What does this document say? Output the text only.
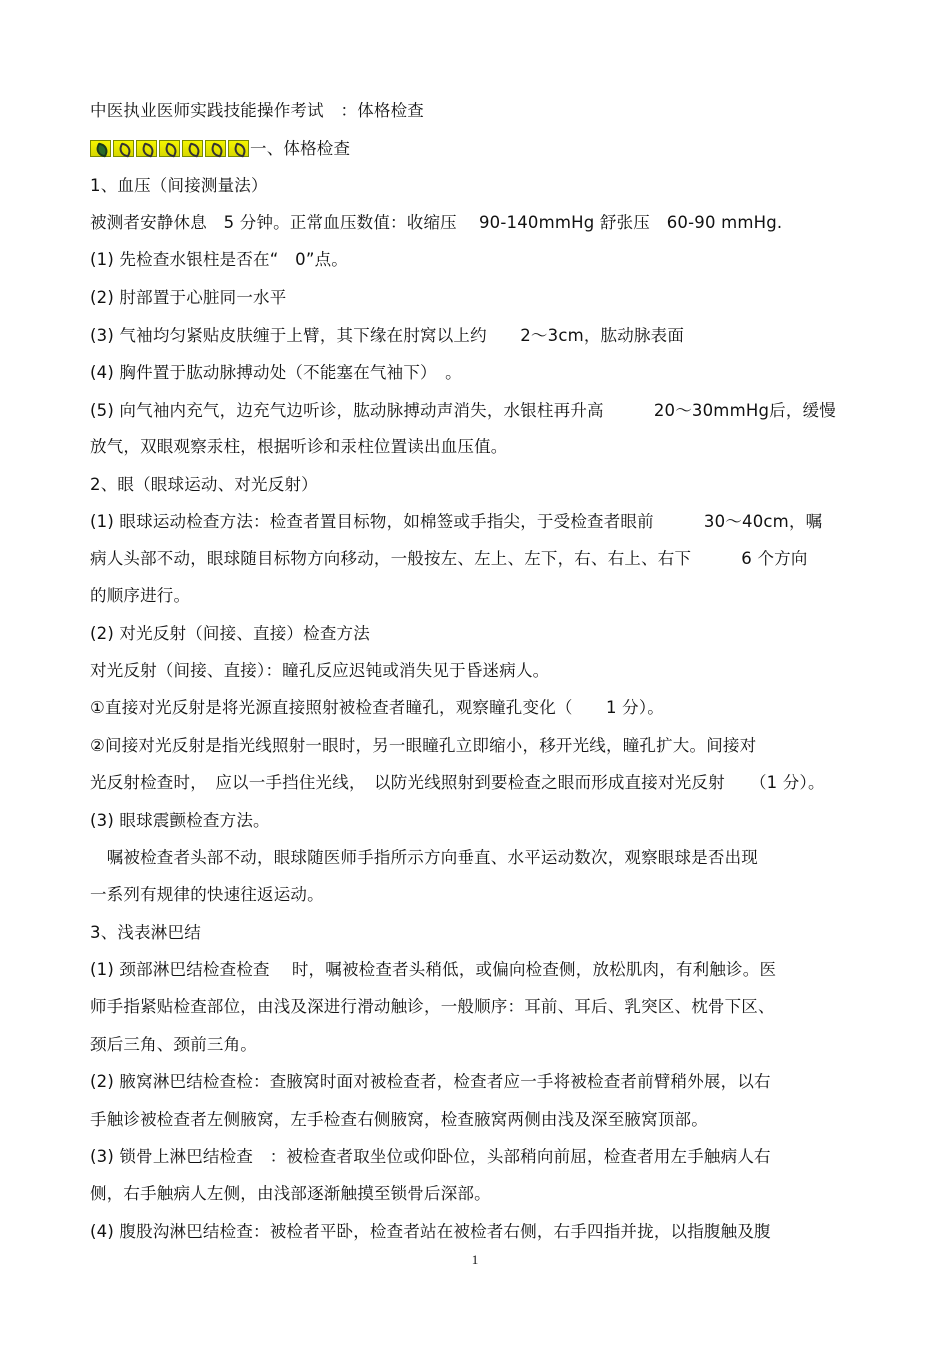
中医执业医师实践技能操作考试　：体格检查
一、体格检查
1、血压（间接测量法）
被测者安静休息　5 分钟。正常血压数值：收缩压　 90-140mmHg 舒张压　60-90 mmHg.
(1) 先检查水银柱是否在“　0”点。
(2) 肘部置于心脏同一水平
(3) 气袖均匀紧贴皮肤缠于上臂，其下缘在肘窝以上约　　2～3cm，肱动脉表面
(4) 胸件置于肱动脉搏动处（不能塞在气袖下）　。
(5) 向气袖内充气，边充气边听诊，肱动脉搏动声消失，水银柱再升高　　　20～30mmHg后，缓慢
放气，双眼观察汞柱，根据听诊和汞柱位置读出血压值。
2、眼（眼球运动、对光反射）
(1) 眼球运动检查方法：检查者置目标物，如棉签或手指尖，于受检查者眼前　　　30～40cm，嘱
病人头部不动，眼球随目标物方向移动，一般按左、左上、左下，右、右上、右下　　　6 个方向
的顺序进行。
(2) 对光反射（间接、直接）检查方法
对光反射（间接、直接）：瞳孔反应迟钝或消失见于昏迷病人。
①直接对光反射是将光源直接照射被检查者瞳孔，观察瞳孔变化（　　1 分）。
②间接对光反射是指光线照射一眼时，另一眼瞳孔立即缩小，移开光线，瞳孔扩大。间接对
光反射检查时，　应以一手挡住光线，　以防光线照射到要检查之眼而形成直接对光反射　　（1 分）。
(3) 眼球震颤检查方法。
　嘱被检查者头部不动，眼球随医师手指所示方向垂直、水平运动数次，观察眼球是否出现
一系列有规律的快速往返运动。
3、浅表淋巴结
(1) 颈部淋巴结检查检查　 时，嘱被检查者头稍低，或偏向检查侧，放松肌肉，有利触诊。医
师手指紧贴检查部位，由浅及深进行滑动触诊，一般顺序：耳前、耳后、乳突区、枕骨下区、
颈后三角、颈前三角。
(2) 腋窝淋巴结检查检：查腋窝时面对被检查者，检查者应一手将被检查者前臂稍外展，以右
手触诊被检查者左侧腋窝，左手检查右侧腋窝，检查腋窝两侧由浅及深至腋窝顶部。
(3) 锁骨上淋巴结检查　：被检查者取坐位或仰卧位，头部稍向前屈，检查者用左手触病人右
侧，右手触病人左侧，由浅部逐渐触摸至锁骨后深部。
(4) 腹股沟淋巴结检查：被检者平卧，检查者站在被检者右侧，右手四指并拢，以指腹触及腹
1
